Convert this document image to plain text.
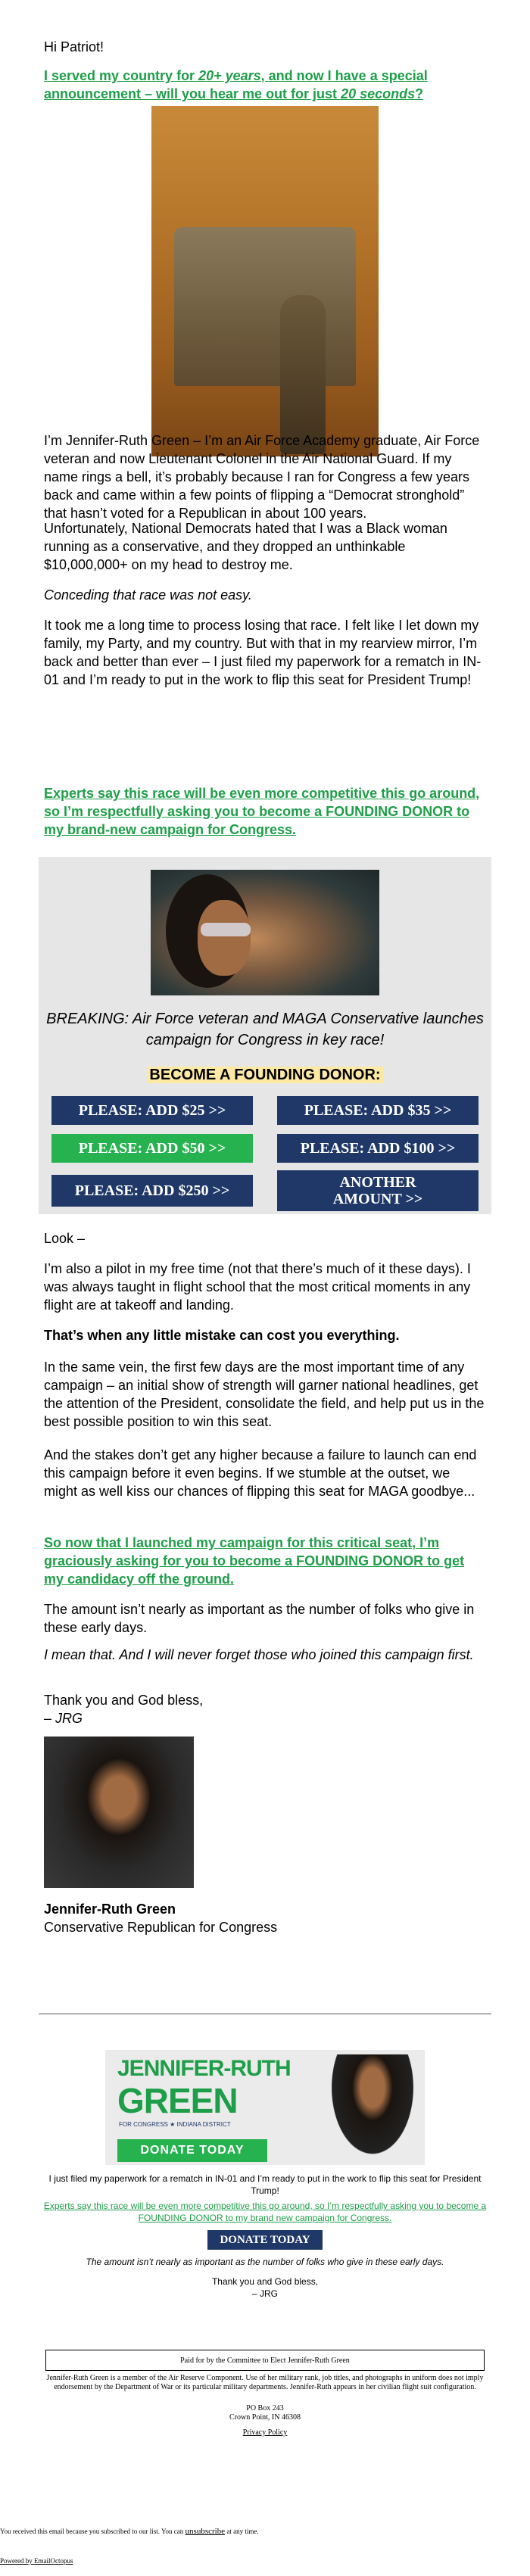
Hi Patriot!

I served my country for 20+ years, and now I have a special announcement – will you hear me out for just 20 seconds?

I’m Jennifer-Ruth Green – I’m an Air Force Academy graduate, Air Force veteran and now Lieutenant Colonel in the Air National Guard. If my name rings a bell, it’s probably because I ran for Congress a few years back and came within a few points of flipping a “Democrat stronghold” that hasn’t voted for a Republican in about 100 years.

Unfortunately, National Democrats hated that I was a Black woman running as a conservative, and they dropped an unthinkable $10,000,000+ on my head to destroy me.

Conceding that race was not easy.

It took me a long time to process losing that race. I felt like I let down my family, my Party, and my country. But with that in my rearview mirror, I’m back and better than ever – I just filed my paperwork for a rematch in IN-01 and I’m ready to put in the work to flip this seat for President Trump!

Experts say this race will be even more competitive this go around, so I’m respectfully asking you to become a FOUNDING DONOR to my brand-new campaign for Congress.

BREAKING: Air Force veteran and MAGA Conservative launches campaign for Congress in key race!

BECOME A FOUNDING DONOR:

PLEASE: ADD $25 >>	PLEASE: ADD $35 >>
PLEASE: ADD $50 >>	PLEASE: ADD $100 >>
PLEASE: ADD $250 >>	ANOTHER AMOUNT >>

Look –

I’m also a pilot in my free time (not that there’s much of it these days). I was always taught in flight school that the most critical moments in any flight are at takeoff and landing.

That’s when any little mistake can cost you everything.

In the same vein, the first few days are the most important time of any campaign – an initial show of strength will garner national headlines, get the attention of the President, consolidate the field, and help put us in the best possible position to win this seat.

And the stakes don’t get any higher because a failure to launch can end this campaign before it even begins. If we stumble at the outset, we might as well kiss our chances of flipping this seat for MAGA goodbye...

So now that I launched my campaign for this critical seat, I’m graciously asking for you to become a FOUNDING DONOR to get my candidacy off the ground.

The amount isn’t nearly as important as the number of folks who give in these early days.

I mean that. And I will never forget those who joined this campaign first.

Thank you and God bless,

– JRG

Jennifer-Ruth Green

Conservative Republican for Congress

JENNIFER-RUTH
GREEN
FOR CONGRESS ★ INDIANA DISTRICT
DONATE TODAY

I just filed my paperwork for a rematch in IN-01 and I’m ready to put in the work to flip this seat for President Trump!

Experts say this race will be even more competitive this go around, so I’m respectfully asking you to become a FOUNDING DONOR to my brand new campaign for Congress.
DONATE TODAY

The amount isn’t nearly as important as the number of folks who give in these early days.

Thank you and God bless,

– JRG

Paid for by the Committee to Elect Jennifer-Ruth Green

Jennifer-Ruth Green is a member of the Air Reserve Component. Use of her military rank, job titles, and photographs in uniform does not imply endorsement by the Department of War or its particular military departments. Jennifer-Ruth appears in her civilian flight suit configuration.

PO Box 243

Crown Point, IN 46308

Privacy Policy

You received this email because you subscribed to our list. You can unsubscribe at any time.

Powered by EmailOctopus
